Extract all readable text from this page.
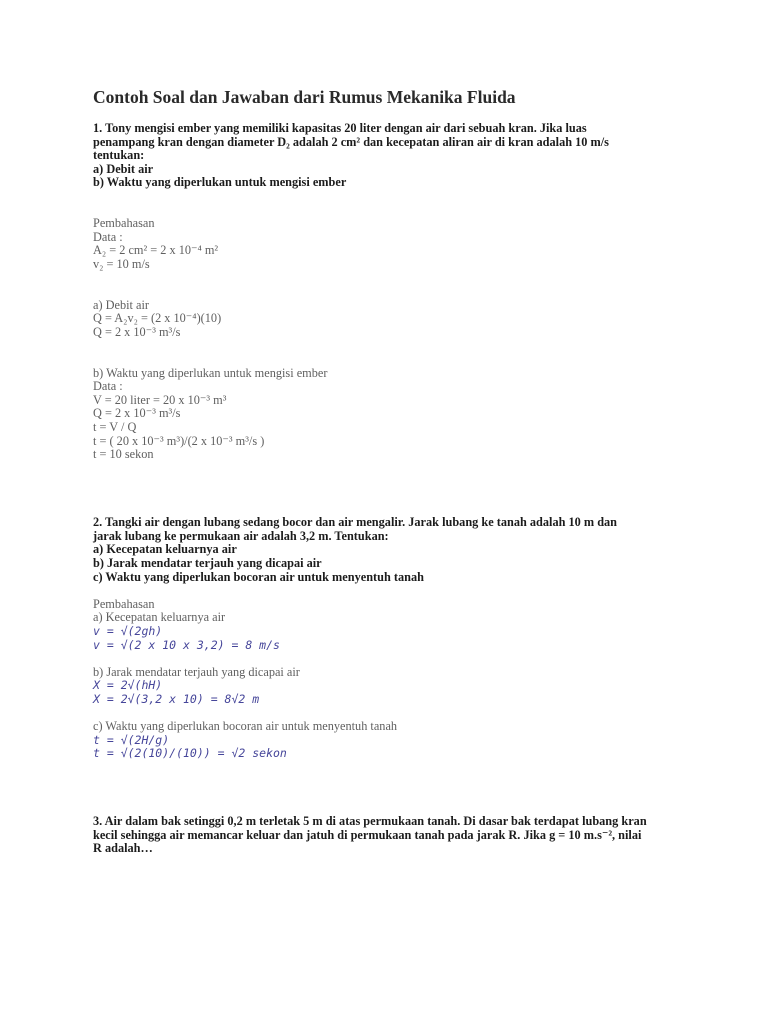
Contoh Soal dan Jawaban dari Rumus Mekanika Fluida
1. Tony mengisi ember yang memiliki kapasitas 20 liter dengan air dari sebuah kran. Jika luas
penampang kran dengan diameter D₂ adalah 2 cm² dan kecepatan aliran air di kran adalah 10 m/s
tentukan:
a) Debit air
b) Waktu yang diperlukan untuk mengisi ember
Pembahasan
Data :
A₂ = 2 cm² = 2 x 10⁻⁴ m²
v₂ = 10 m/s
a) Debit air
Q = A₂v₂ = (2 x 10⁻⁴)(10)
Q = 2 x 10⁻³ m³/s
b) Waktu yang diperlukan untuk mengisi ember
Data :
V = 20 liter = 20 x 10⁻³ m³
Q = 2 x 10⁻³ m³/s
t = V / Q
t = ( 20 x 10⁻³ m³)/(2 x 10⁻³ m³/s )
t = 10 sekon
2. Tangki air dengan lubang sedang bocor dan air mengalir. Jarak lubang ke tanah adalah 10 m dan
jarak lubang ke permukaan air adalah 3,2 m. Tentukan:
a) Kecepatan keluarnya air
b) Jarak mendatar terjauh yang dicapai air
c) Waktu yang diperlukan bocoran air untuk menyentuh tanah
Pembahasan
a) Kecepatan keluarnya air
v = √(2gh)
v = √(2 x 10 x 3,2) = 8 m/s
b) Jarak mendatar terjauh yang dicapai air
X = 2√(hH)
X = 2√(3,2 x 10) = 8√2 m
c) Waktu yang diperlukan bocoran air untuk menyentuh tanah
t = √(2H/g)
t = √(2(10)/(10)) = √2 sekon
3. Air dalam bak setinggi 0,2 m terletak 5 m di atas permukaan tanah. Di dasar bak terdapat lubang kran
kecil sehingga air memancar keluar dan jatuh di permukaan tanah pada jarak R. Jika g = 10 m.s⁻², nilai
R adalah…
